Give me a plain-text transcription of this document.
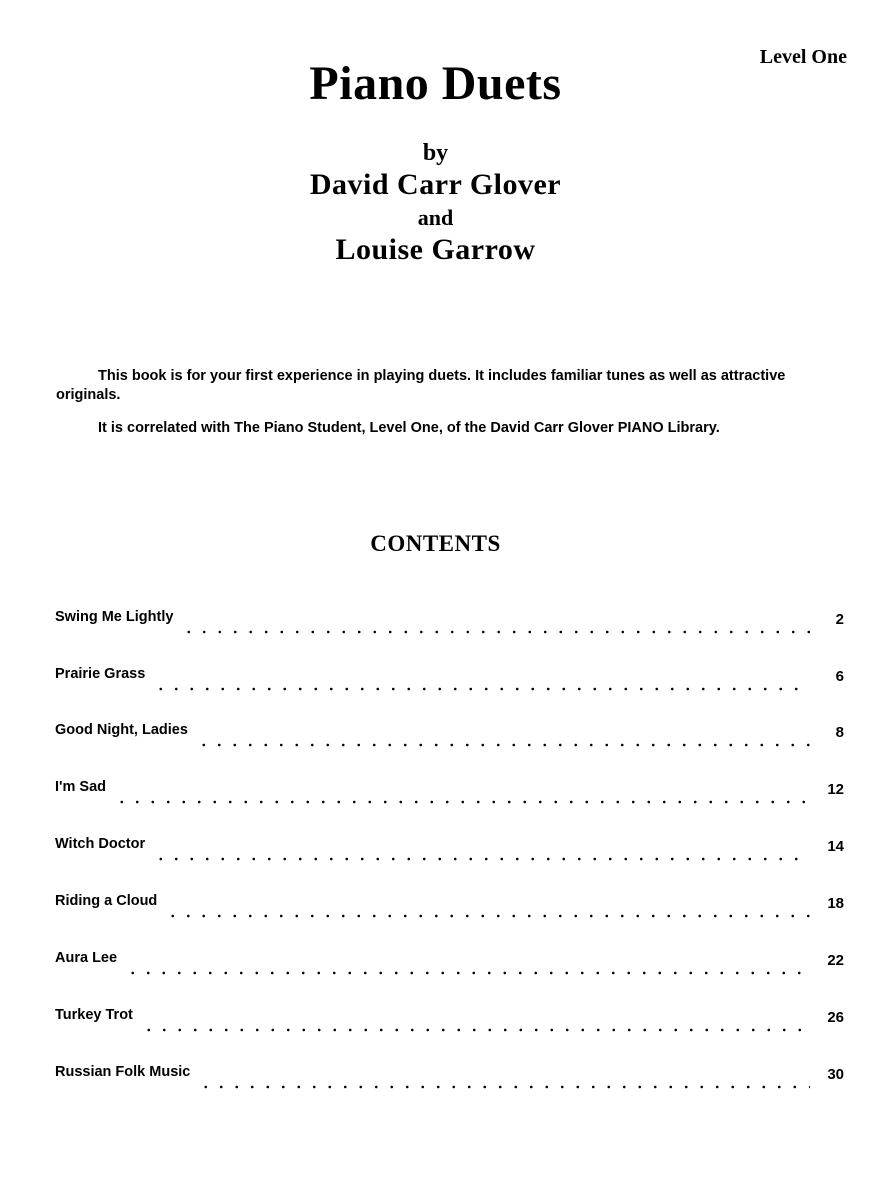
Level One
Piano Duets
by
David Carr Glover
and
Louise Garrow

This book is for your first experience in playing duets. It includes familiar tunes as well as attractive originals.

It is correlated with The Piano Student, Level One, of the David Carr Glover PIANO Library.

CONTENTS
Swing Me Lightly	2
Prairie Grass	6
Good Night, Ladies	8
I'm Sad	12
Witch Doctor	14
Riding a Cloud	18
Aura Lee	22
Turkey Trot	26
Russian Folk Music	30
